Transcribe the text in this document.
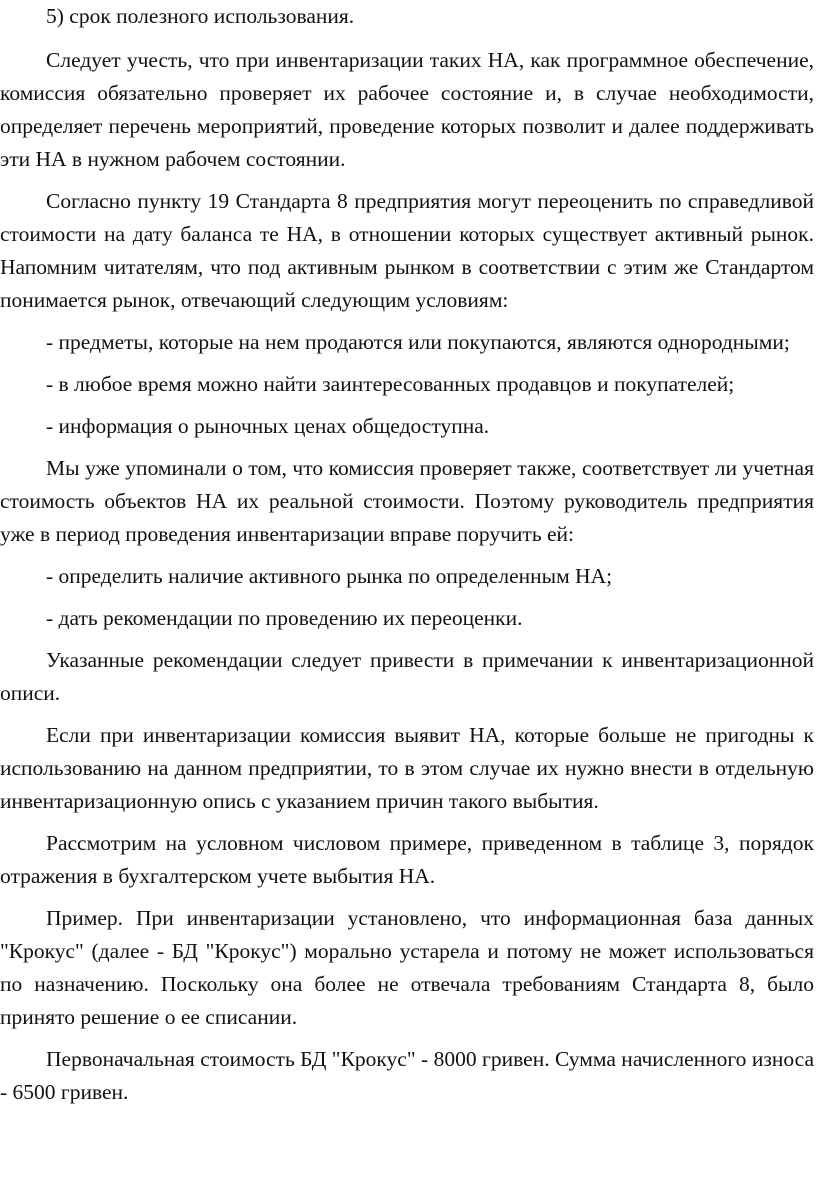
5) срок полезного использования.

Следует учесть, что при инвентаризации таких НА, как программное обеспечение, комиссия обязательно проверяет их рабочее состояние и, в случае необходимости, определяет перечень мероприятий, проведение которых позволит и далее поддерживать эти НА в нужном рабочем состоянии.

Согласно пункту 19 Стандарта 8 предприятия могут переоценить по справедливой стоимости на дату баланса те НА, в отношении которых существует активный рынок. Напомним читателям, что под активным рынком в соответствии с этим же Стандартом понимается рынок, отвечающий следующим условиям:

- предметы, которые на нем продаются или покупаются, являются однородными;

- в любое время можно найти заинтересованных продавцов и покупателей;

- информация о рыночных ценах общедоступна.

Мы уже упоминали о том, что комиссия проверяет также, соответствует ли учетная стоимость объектов НА их реальной стоимости. Поэтому руководитель предприятия уже в период проведения инвентаризации вправе поручить ей:

- определить наличие активного рынка по определенным НА;

- дать рекомендации по проведению их переоценки.

Указанные рекомендации следует привести в примечании к инвентаризационной описи.

Если при инвентаризации комиссия выявит НА, которые больше не пригодны к использованию на данном предприятии, то в этом случае их нужно внести в отдельную инвентаризационную опись с указанием причин такого выбытия.

Рассмотрим на условном числовом примере, приведенном в таблице 3, порядок отражения в бухгалтерском учете выбытия НА.

Пример. При инвентаризации установлено, что информационная база данных "Крокус" (далее - БД "Крокус") морально устарела и потому не может использоваться по назначению. Поскольку она более не отвечала требованиям Стандарта 8, было принято решение о ее списании.

Первоначальная стоимость БД "Крокус" - 8000 гривен. Сумма начисленного износа - 6500 гривен.
